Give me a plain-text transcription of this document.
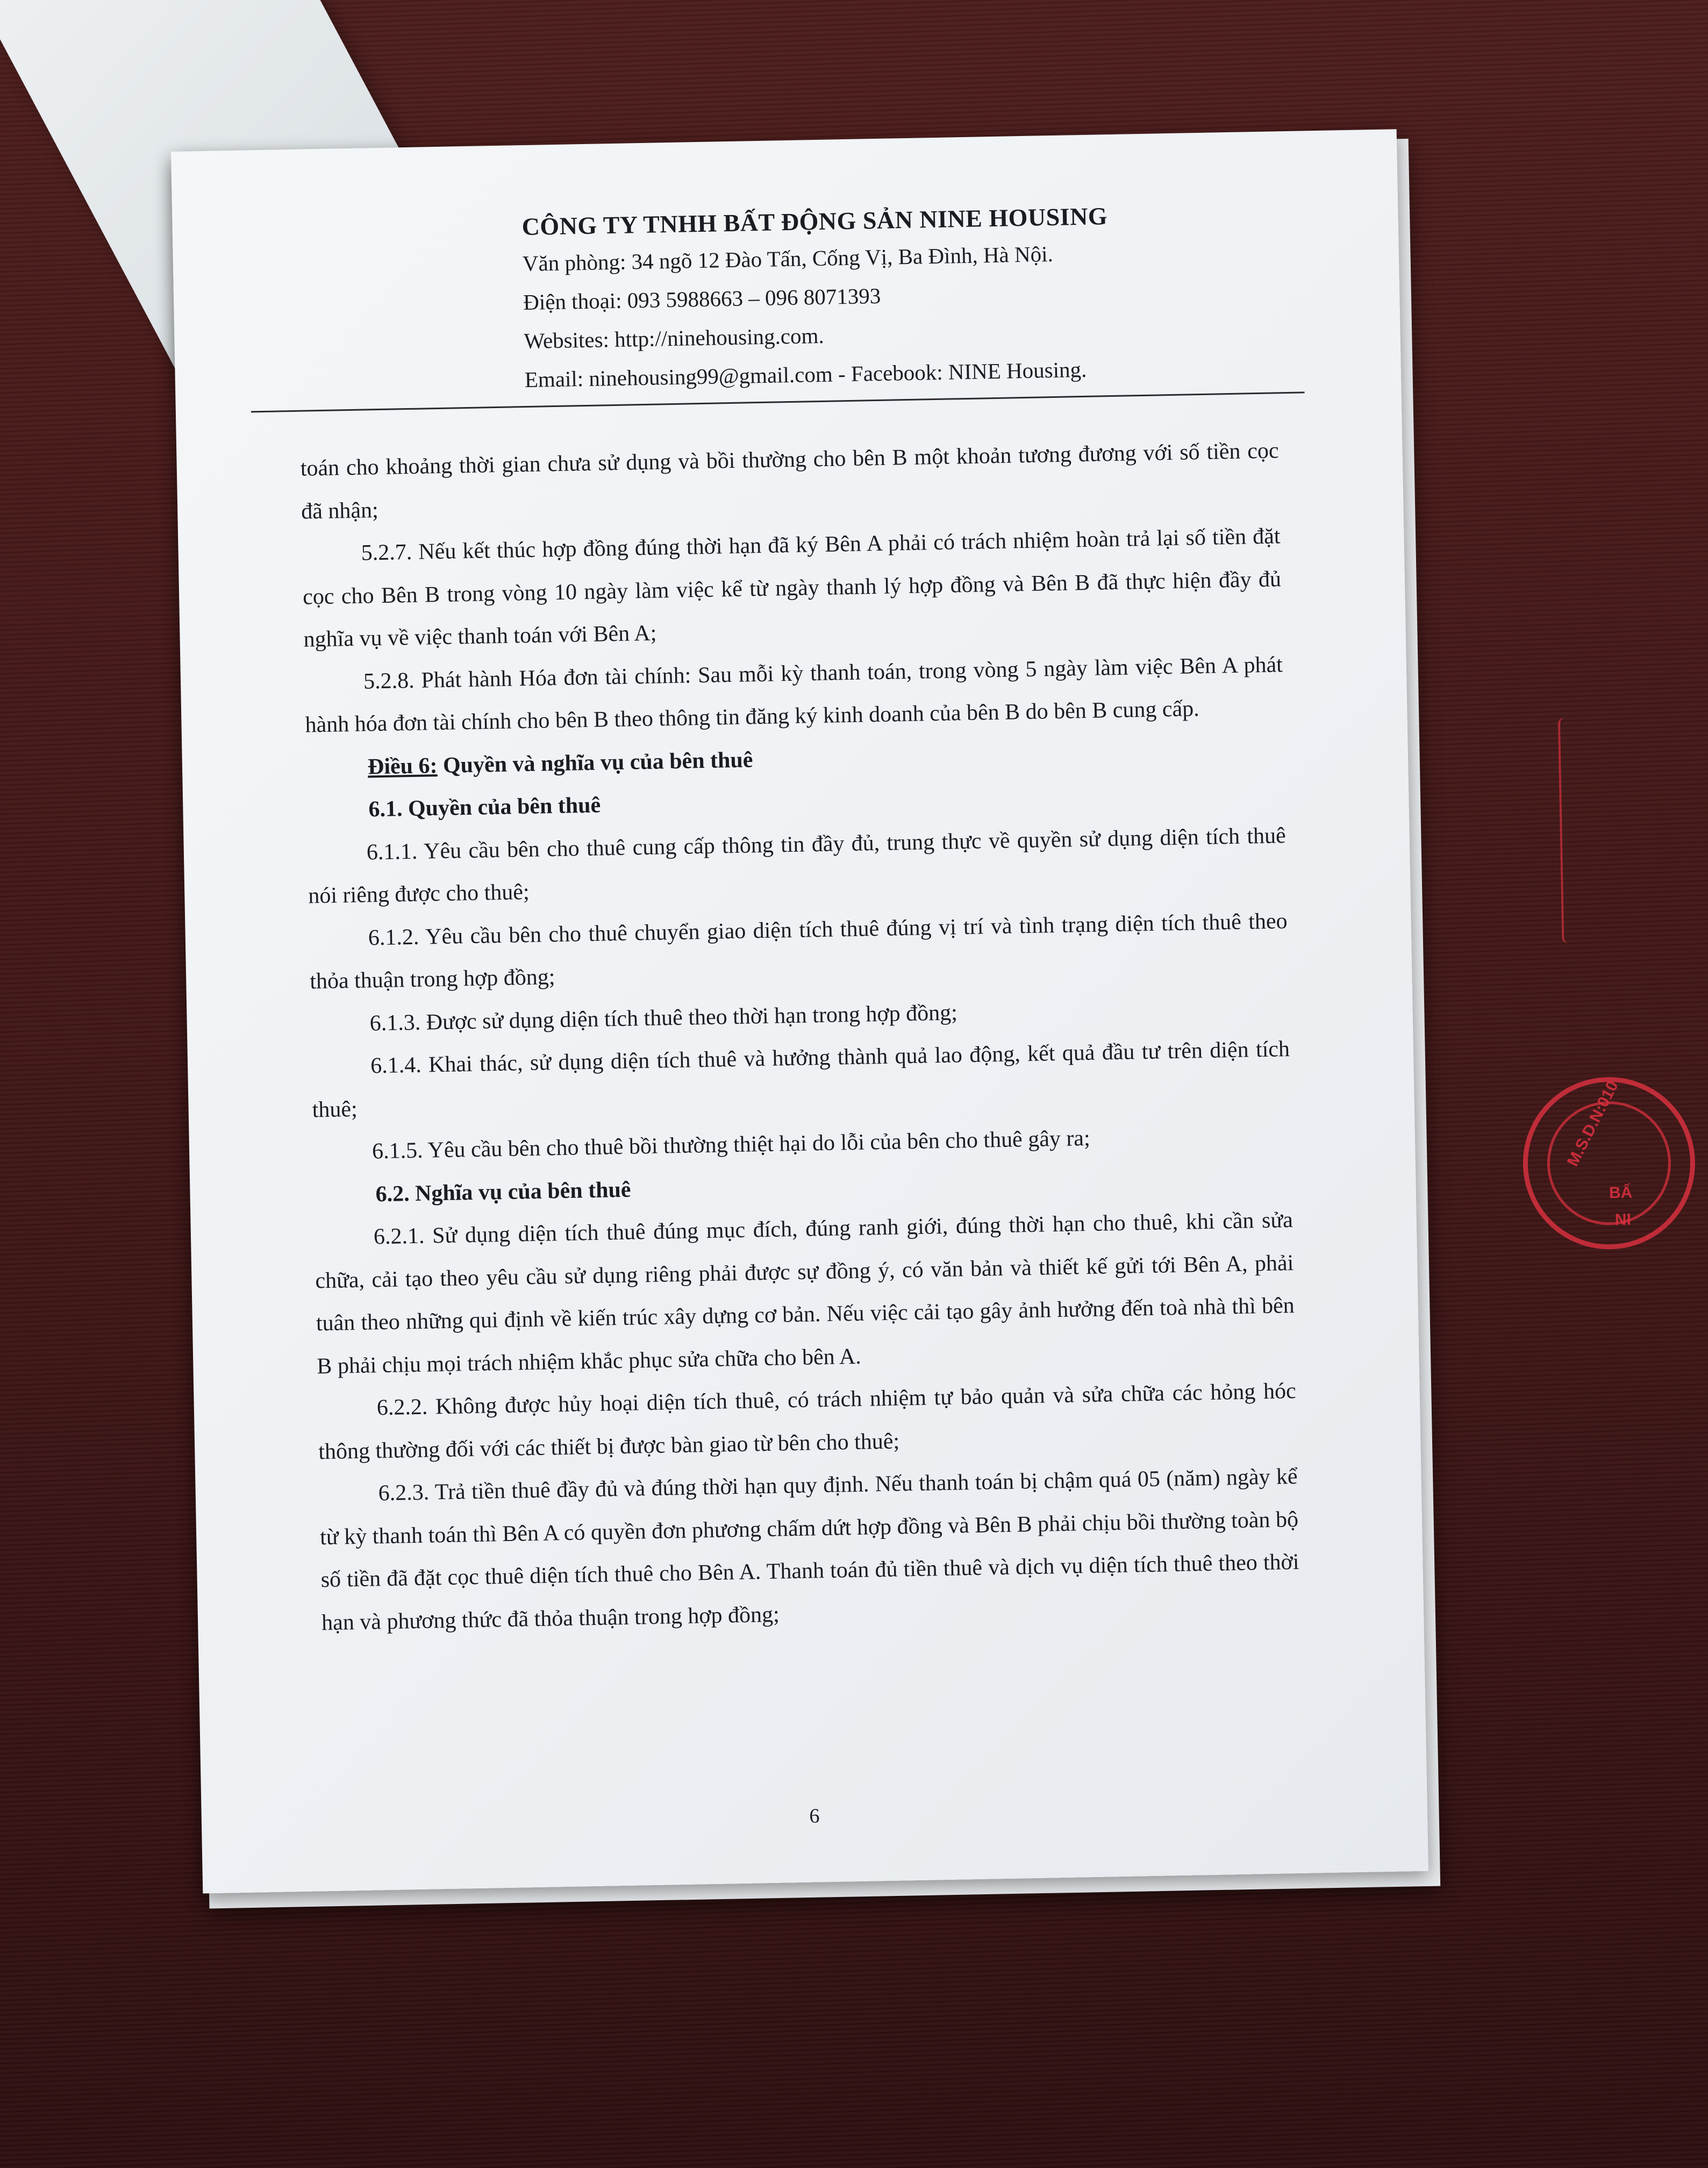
CÔNG TY TNHH BẤT ĐỘNG SẢN NINE HOUSING
Văn phòng: 34 ngõ 12 Đào Tấn, Cống Vị, Ba Đình, Hà Nội.
Điện thoại: 093 5988663 – 096 8071393
Websites: http://ninehousing.com.
Email: ninehousing99@gmail.com - Facebook: NINE Housing.

toán cho khoảng thời gian chưa sử dụng và bồi thường cho bên B một khoản tương đương với số tiền cọc đã nhận;

5.2.7. Nếu kết thúc hợp đồng đúng thời hạn đã ký Bên A phải có trách nhiệm hoàn trả lại số tiền đặt cọc cho Bên B trong vòng 10 ngày làm việc kể từ ngày thanh lý hợp đồng và Bên B đã thực hiện đầy đủ nghĩa vụ về việc thanh toán với Bên A;

5.2.8. Phát hành Hóa đơn tài chính: Sau mỗi kỳ thanh toán, trong vòng 5 ngày làm việc Bên A phát hành hóa đơn tài chính cho bên B theo thông tin đăng ký kinh doanh của bên B do bên B cung cấp.

Điều 6: Quyền và nghĩa vụ của bên thuê

6.1. Quyền của bên thuê

6.1.1. Yêu cầu bên cho thuê cung cấp thông tin đầy đủ, trung thực về quyền sử dụng diện tích thuê nói riêng được cho thuê;

6.1.2. Yêu cầu bên cho thuê chuyển giao diện tích thuê đúng vị trí và tình trạng diện tích thuê theo thỏa thuận trong hợp đồng;

6.1.3. Được sử dụng diện tích thuê theo thời hạn trong hợp đồng;

6.1.4. Khai thác, sử dụng diện tích thuê và hưởng thành quả lao động, kết quả đầu tư trên diện tích thuê;

6.1.5. Yêu cầu bên cho thuê bồi thường thiệt hại do lỗi của bên cho thuê gây ra;

6.2. Nghĩa vụ của bên thuê

6.2.1. Sử dụng diện tích thuê đúng mục đích, đúng ranh giới, đúng thời hạn cho thuê, khi cần sửa chữa, cải tạo theo yêu cầu sử dụng riêng phải được sự đồng ý, có văn bản và thiết kế gửi tới Bên A, phải tuân theo những qui định về kiến trúc xây dựng cơ bản. Nếu việc cải tạo gây ảnh hưởng đến toà nhà thì bên B phải chịu mọi trách nhiệm khắc phục sửa chữa cho bên A.

6.2.2. Không được hủy hoại diện tích thuê, có trách nhiệm tự bảo quản và sửa chữa các hỏng hóc thông thường đối với các thiết bị được bàn giao từ bên cho thuê;

6.2.3. Trả tiền thuê đầy đủ và đúng thời hạn quy định. Nếu thanh toán bị chậm quá 05 (năm) ngày kể từ kỳ thanh toán thì Bên A có quyền đơn phương chấm dứt hợp đồng và Bên B phải chịu bồi thường toàn bộ số tiền đã đặt cọc thuê diện tích thuê cho Bên A. Thanh toán đủ tiền thuê và dịch vụ diện tích thuê theo thời hạn và phương thức đã thỏa thuận trong hợp đồng;

6
M.S.D.N:010
BẤ
NI
